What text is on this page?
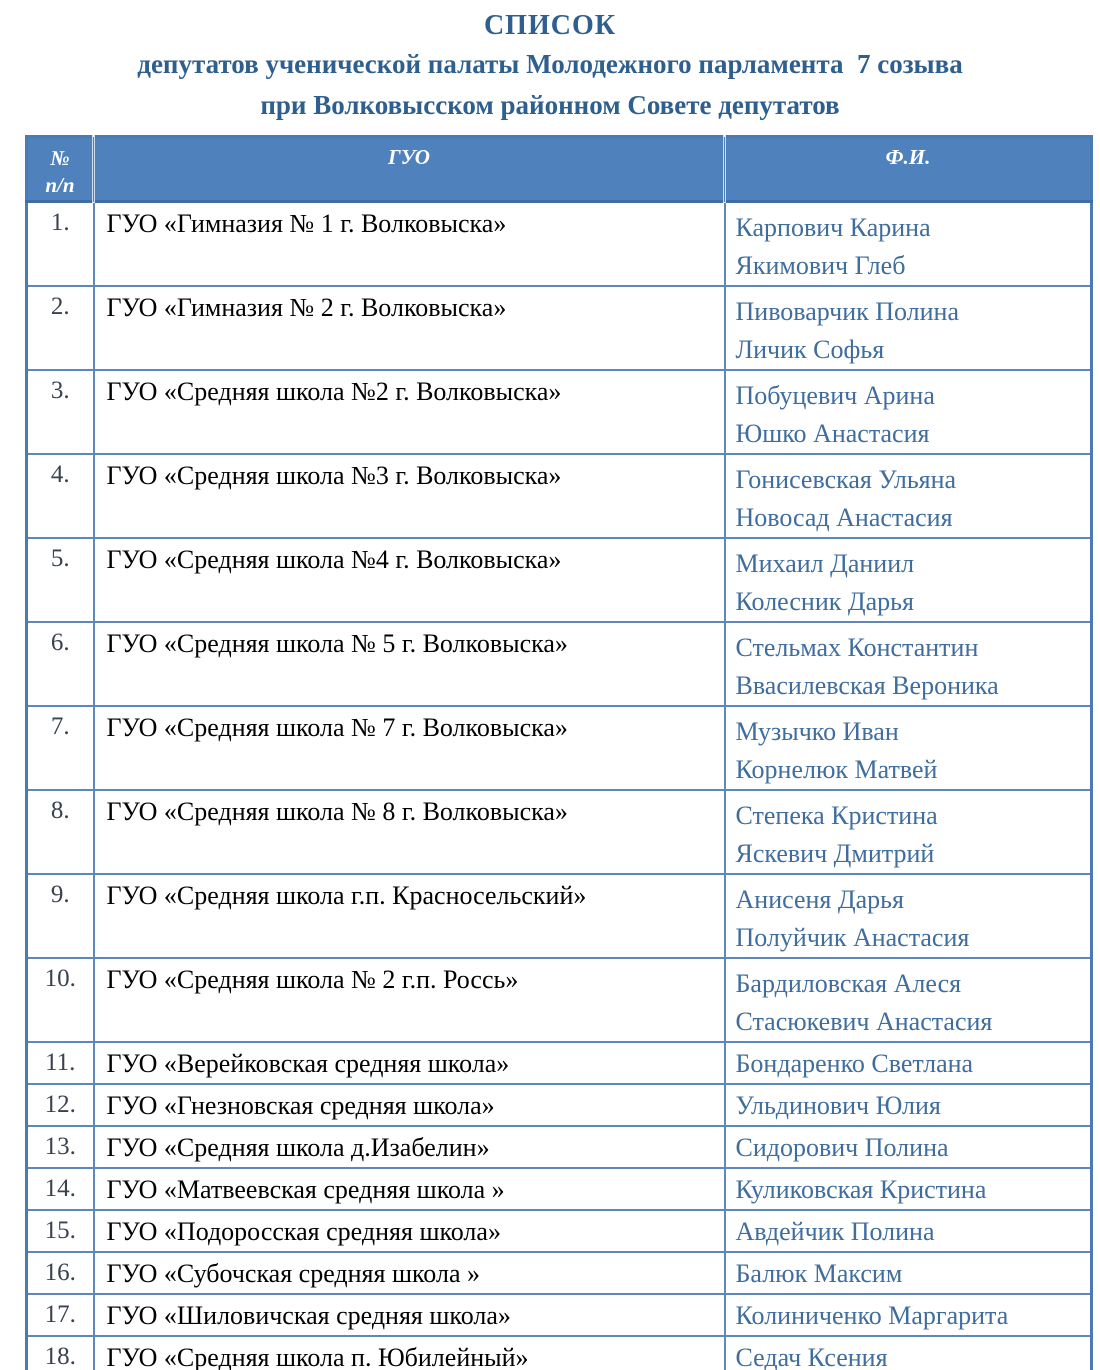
СПИСОК
депутатов ученической палаты Молодежного парламента  7 созыва
при Волковысском районном Совете депутатов
№
п/п	ГУО	Ф.И.
1.	ГУО «Гимназия № 1 г. Волковыска»	Карпович Карина
Якимович Глеб

2.	ГУО «Гимназия № 2 г. Волковыска»	Пивоварчик Полина
Личик Софья

3.	ГУО «Средняя школа №2 г. Волковыска»	Побуцевич Арина
Юшко Анастасия

4.	ГУО «Средняя школа №3 г. Волковыска»	Гонисевская Ульяна
Новосад Анастасия

5.	ГУО «Средняя школа №4 г. Волковыска»	Михаил Даниил
Колесник Дарья

6.	ГУО «Средняя школа № 5 г. Волковыска»	Стельмах Константин
Ввасилевская Вероника

7.	ГУО «Средняя школа № 7 г. Волковыска»	Музычко Иван
Корнелюк Матвей

8.	ГУО «Средняя школа № 8 г. Волковыска»	Степека Кристина
Яскевич Дмитрий

9.	ГУО «Средняя школа г.п. Красносельский»	Анисеня Дарья
Полуйчик Анастасия

10.	ГУО «Средняя школа № 2 г.п. Россь»	Бардиловская Алеся
Стасюкевич Анастасия

11.	ГУО «Верейковская средняя школа»	Бондаренко Светлана

12.	ГУО «Гнезновская средняя школа»	Ульдинович Юлия

13.	ГУО «Средняя школа д.Изабелин»	Сидорович Полина

14.	ГУО «Матвеевская средняя школа »	Куликовская Кристина

15.	ГУО «Подоросская средняя школа»	Авдейчик Полина

16.	ГУО «Субочская средняя школа »	Балюк Максим

17.	ГУО «Шиловичская средняя школа»	Колиниченко Маргарита

18.	ГУО «Средняя школа п. Юбилейный»	Седач Ксения
